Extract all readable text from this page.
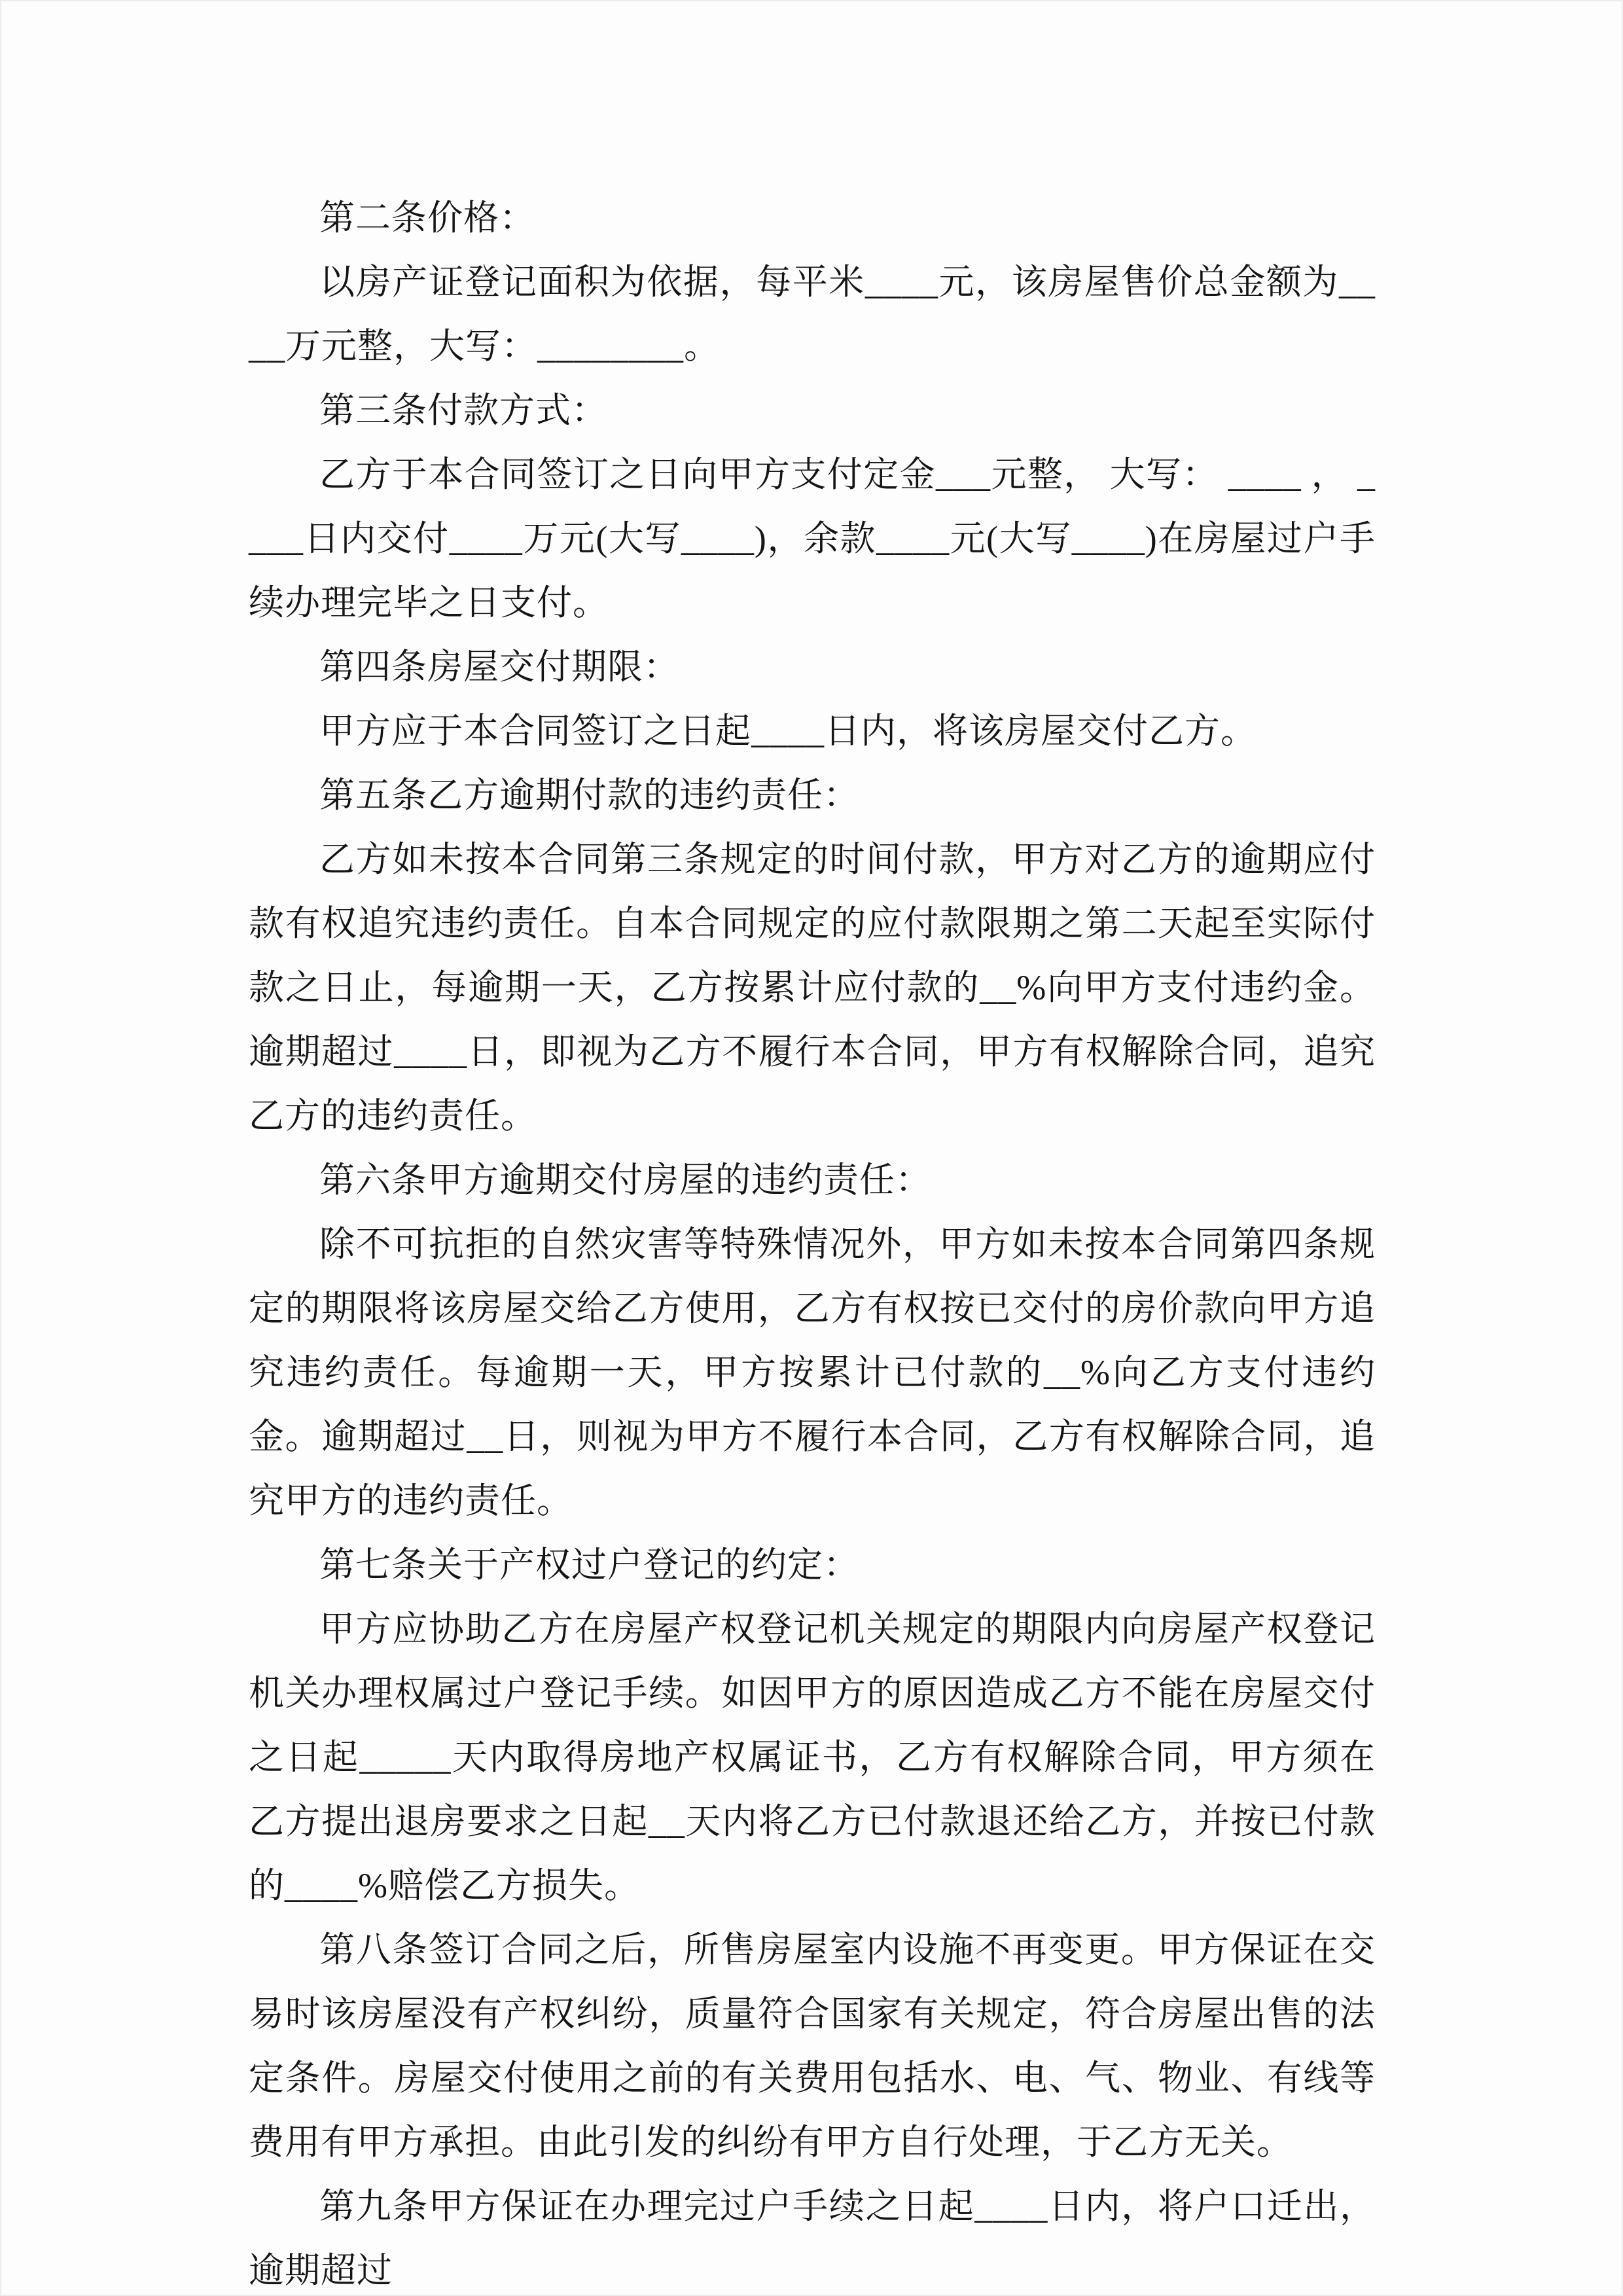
第二条价格：

以房产证登记面积为依据，每平米____元，该房屋售价总金额为____万元整，大写：________。

第三条付款方式：

乙方于本合同签订之日向甲方支付定金___元整， 大写： ____ ， ____日内交付____万元(大写____)，余款____元(大写____)在房屋过户手续办理完毕之日支付。

第四条房屋交付期限：

甲方应于本合同签订之日起____日内，将该房屋交付乙方。

第五条乙方逾期付款的违约责任：

乙方如未按本合同第三条规定的时间付款，甲方对乙方的逾期应付款有权追究违约责任。自本合同规定的应付款限期之第二天起至实际付款之日止，每逾期一天，乙方按累计应付款的__%向甲方支付违约金。逾期超过____日，即视为乙方不履行本合同，甲方有权解除合同，追究乙方的违约责任。

第六条甲方逾期交付房屋的违约责任：

除不可抗拒的自然灾害等特殊情况外，甲方如未按本合同第四条规定的期限将该房屋交给乙方使用，乙方有权按已交付的房价款向甲方追究违约责任。每逾期一天，甲方按累计已付款的__%向乙方支付违约金。逾期超过__日，则视为甲方不履行本合同，乙方有权解除合同，追究甲方的违约责任。

第七条关于产权过户登记的约定：

甲方应协助乙方在房屋产权登记机关规定的期限内向房屋产权登记机关办理权属过户登记手续。如因甲方的原因造成乙方不能在房屋交付之日起_____天内取得房地产权属证书，乙方有权解除合同，甲方须在乙方提出退房要求之日起__天内将乙方已付款退还给乙方，并按已付款的____%赔偿乙方损失。

第八条签订合同之后，所售房屋室内设施不再变更。甲方保证在交易时该房屋没有产权纠纷，质量符合国家有关规定，符合房屋出售的法定条件。房屋交付使用之前的有关费用包括水、电、气、物业、有线等费用有甲方承担。由此引发的纠纷有甲方自行处理，于乙方无关。

第九条甲方保证在办理完过户手续之日起____日内，将户口迁出，逾期超过
